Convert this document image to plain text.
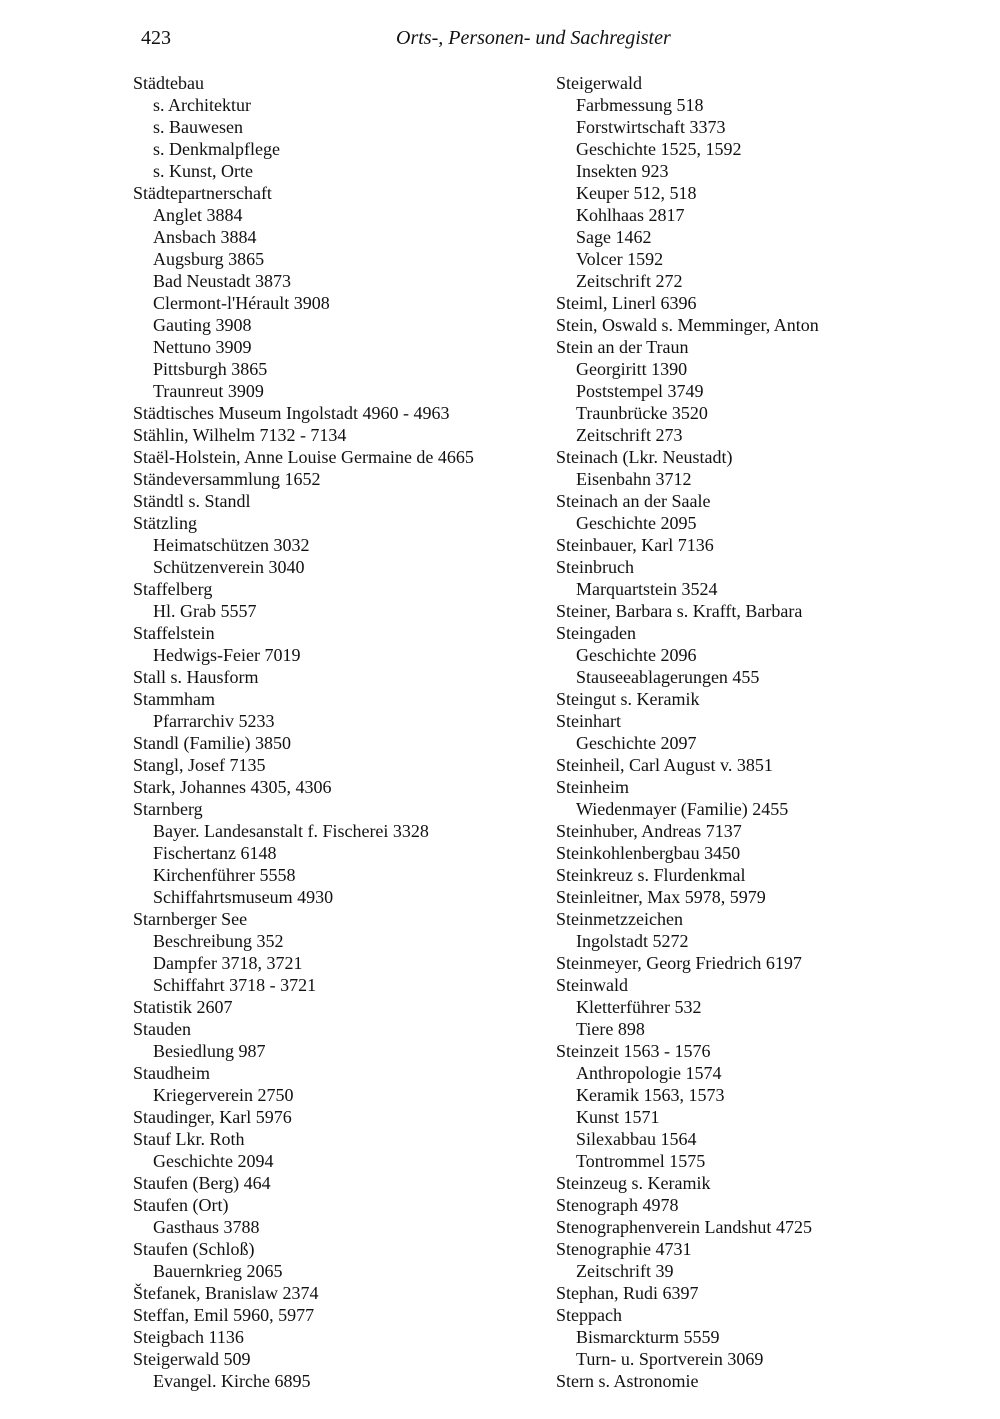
423	Orts-, Personen- und Sachregister
Städtebau
s. Architektur
s. Bauwesen
s. Denkmalpflege
s. Kunst, Orte
Städtepartnerschaft
Anglet 3884
Ansbach 3884
Augsburg 3865
Bad Neustadt 3873
Clermont-l'Hérault 3908
Gauting 3908
Nettuno 3909
Pittsburgh 3865
Traunreut 3909
Städtisches Museum Ingolstadt 4960 - 4963
Stählin, Wilhelm 7132 - 7134
Staël-Holstein, Anne Louise Germaine de 4665
Ständeversammlung 1652
Ständtl s. Standl
Stätzling
Heimatschützen 3032
Schützenverein 3040
Staffelberg
Hl. Grab 5557
Staffelstein
Hedwigs-Feier 7019
Stall s. Hausform
Stammham
Pfarrarchiv 5233
Standl (Familie) 3850
Stangl, Josef 7135
Stark, Johannes 4305, 4306
Starnberg
Bayer. Landesanstalt f. Fischerei 3328
Fischertanz 6148
Kirchenführer 5558
Schiffahrtsmuseum 4930
Starnberger See
Beschreibung 352
Dampfer 3718, 3721
Schiffahrt 3718 - 3721
Statistik 2607
Stauden
Besiedlung 987
Staudheim
Kriegerverein 2750
Staudinger, Karl 5976
Stauf Lkr. Roth
Geschichte 2094
Staufen (Berg) 464
Staufen (Ort)
Gasthaus 3788
Staufen (Schloß)
Bauernkrieg 2065
Štefanek, Branislaw 2374
Steffan, Emil 5960, 5977
Steigbach 1136
Steigerwald 509
Evangel. Kirche 6895
Steigerwald
Farbmessung 518
Forstwirtschaft 3373
Geschichte 1525, 1592
Insekten 923
Keuper 512, 518
Kohlhaas 2817
Sage 1462
Volcer 1592
Zeitschrift 272
Steiml, Linerl 6396
Stein, Oswald s. Memminger, Anton
Stein an der Traun
Georgiritt 1390
Poststempel 3749
Traunbrücke 3520
Zeitschrift 273
Steinach (Lkr. Neustadt)
Eisenbahn 3712
Steinach an der Saale
Geschichte 2095
Steinbauer, Karl 7136
Steinbruch
Marquartstein 3524
Steiner, Barbara s. Krafft, Barbara
Steingaden
Geschichte 2096
Stauseeablagerungen 455
Steingut s. Keramik
Steinhart
Geschichte 2097
Steinheil, Carl August v. 3851
Steinheim
Wiedenmayer (Familie) 2455
Steinhuber, Andreas 7137
Steinkohlenbergbau 3450
Steinkreuz s. Flurdenkmal
Steinleitner, Max 5978, 5979
Steinmetzzeichen
Ingolstadt 5272
Steinmeyer, Georg Friedrich 6197
Steinwald
Kletterführer 532
Tiere 898
Steinzeit 1563 - 1576
Anthropologie 1574
Keramik 1563, 1573
Kunst 1571
Silexabbau 1564
Tontrommel 1575
Steinzeug s. Keramik
Stenograph 4978
Stenographenverein Landshut 4725
Stenographie 4731
Zeitschrift 39
Stephan, Rudi 6397
Steppach
Bismarckturm 5559
Turn- u. Sportverein 3069
Stern s. Astronomie
